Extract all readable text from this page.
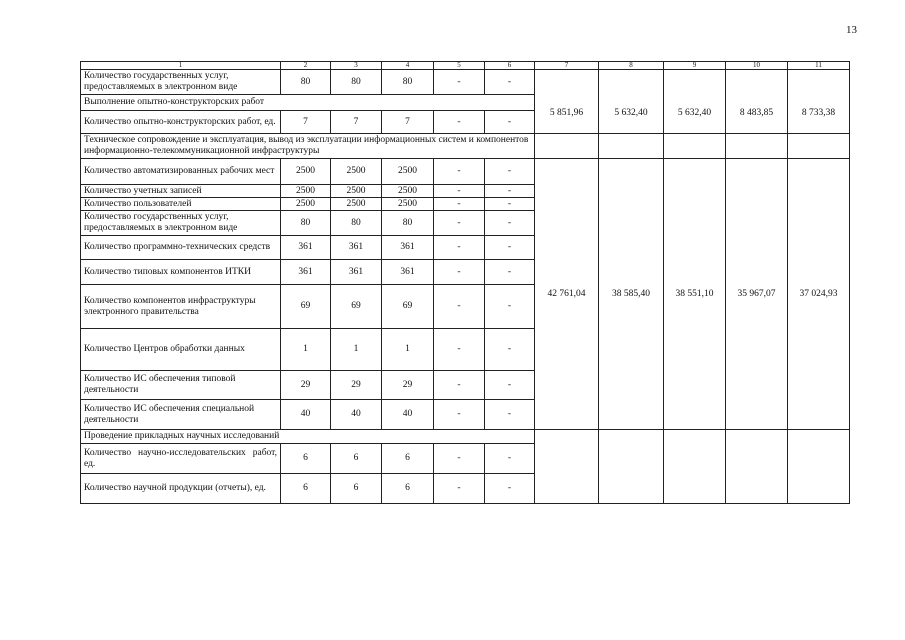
13
1	2	3	4	5	6	7	8	9	10	11
Количество государственных услуг, предоставляемых в электронном виде	80	80	80	-	-					
Выполнение опытно-конструкторских работ						5 851,96	5 632,40	5 632,40	8 483,85	8 733,38
Количество опытно-конструкторских работ, ед.	7	7	7	-	-					
Техническое сопровождение и эксплуатация, вывод из эксплуатации информационных систем и компонентов информационно-телекоммуникационной инфраструктуры										
Количество автоматизированных рабочих мест	2500	2500	2500	-	-	42 761,04	38 585,40	38 551,10	35 967,07	37 024,93
Количество учетных записей	2500	2500	2500	-	-					
Количество пользователей	2500	2500	2500	-	-					
Количество государственных услуг, предоставляемых в электронном виде	80	80	80	-	-					
Количество программно-технических средств	361	361	361	-	-					
Количество типовых компонентов ИТКИ	361	361	361	-	-					
Количество компонентов инфраструктуры электронного правительства	69	69	69	-	-					
Количество Центров обработки данных	1	1	1	-	-					
Количество ИС обеспечения типовой деятельности	29	29	29	-	-					
Количество ИС обеспечения специальной деятельности	40	40	40	-	-					
Проведение прикладных научных исследований										
Количество научно-исследовательских работ, ед.	6	6	6	-	-					
Количество научной продукции (отчеты), ед.	6	6	6	-	-					
